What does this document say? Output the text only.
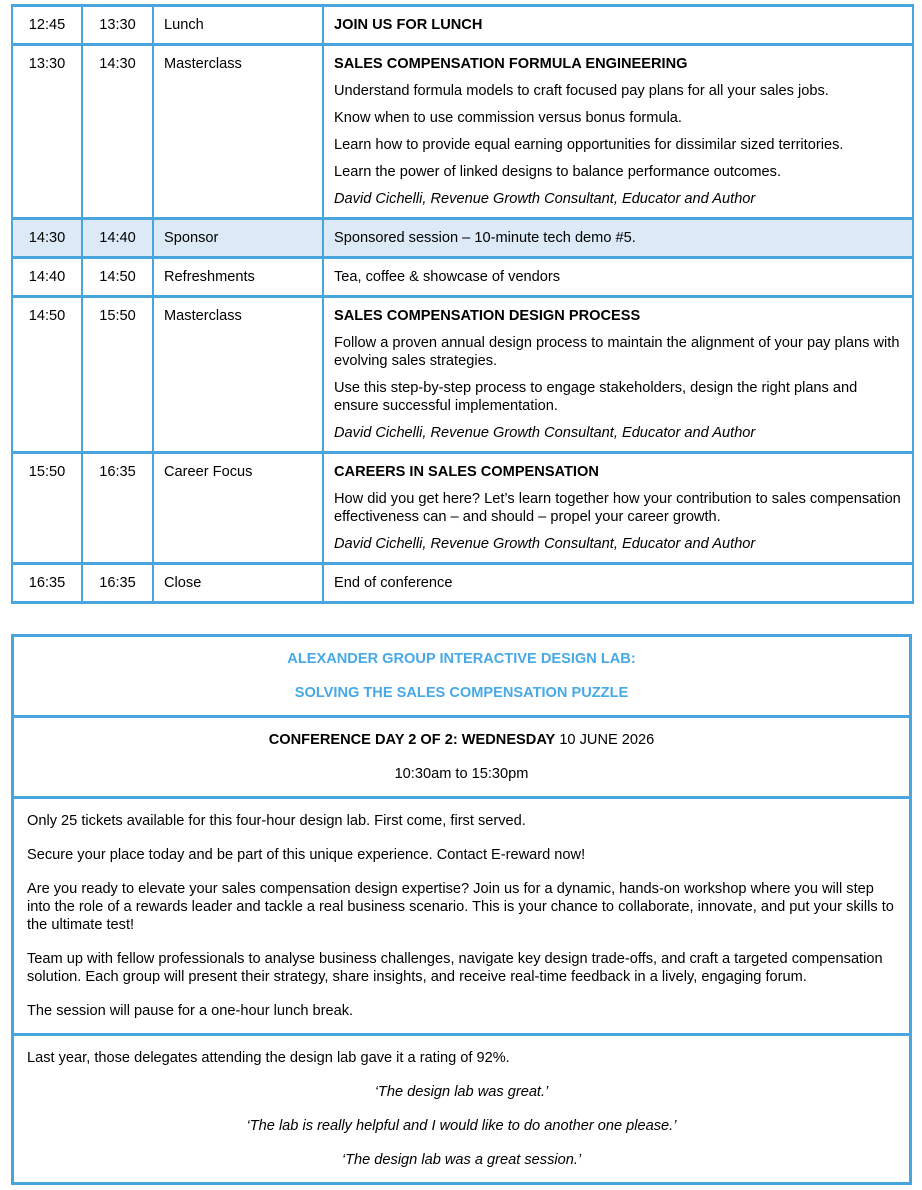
12:45	13:30	Lunch	JOIN US FOR LUNCH

13:30	14:30	Masterclass	SALES COMPENSATION FORMULA ENGINEERING

Understand formula models to craft focused pay plans for all your sales jobs.

Know when to use commission versus bonus formula.

Learn how to provide equal earning opportunities for dissimilar sized territories.

Learn the power of linked designs to balance performance outcomes.

David Cichelli, Revenue Growth Consultant, Educator and Author

14:30	14:40	Sponsor	Sponsored session – 10-minute tech demo #5.

14:40	14:50	Refreshments	Tea, coffee & showcase of vendors

14:50	15:50	Masterclass	SALES COMPENSATION DESIGN PROCESS

Follow a proven annual design process to maintain the alignment of your pay plans with evolving sales strategies.

Use this step-by-step process to engage stakeholders, design the right plans and ensure successful implementation.

David Cichelli, Revenue Growth Consultant, Educator and Author

15:50	16:35	Career Focus	CAREERS IN SALES COMPENSATION

How did you get here? Let’s learn together how your contribution to sales compensation effectiveness can – and should – propel your career growth.

David Cichelli, Revenue Growth Consultant, Educator and Author

16:35	16:35	Close	End of conference

ALEXANDER GROUP INTERACTIVE DESIGN LAB:

SOLVING THE SALES COMPENSATION PUZZLE

CONFERENCE DAY 2 OF 2: WEDNESDAY 10 JUNE 2026

10:30am to 15:30pm

Only 25 tickets available for this four-hour design lab. First come, first served.

Secure your place today and be part of this unique experience. Contact E-reward now!

Are you ready to elevate your sales compensation design expertise? Join us for a dynamic, hands-on workshop where you will step into the role of a rewards leader and tackle a real business scenario. This is your chance to collaborate, innovate, and put your skills to the ultimate test!

Team up with fellow professionals to analyse business challenges, navigate key design trade-offs, and craft a targeted compensation solution. Each group will present their strategy, share insights, and receive real-time feedback in a lively, engaging forum.

The session will pause for a one-hour lunch break.

Last year, those delegates attending the design lab gave it a rating of 92%.

‘The design lab was great.’

‘The lab is really helpful and I would like to do another one please.’

‘The design lab was a great session.’
